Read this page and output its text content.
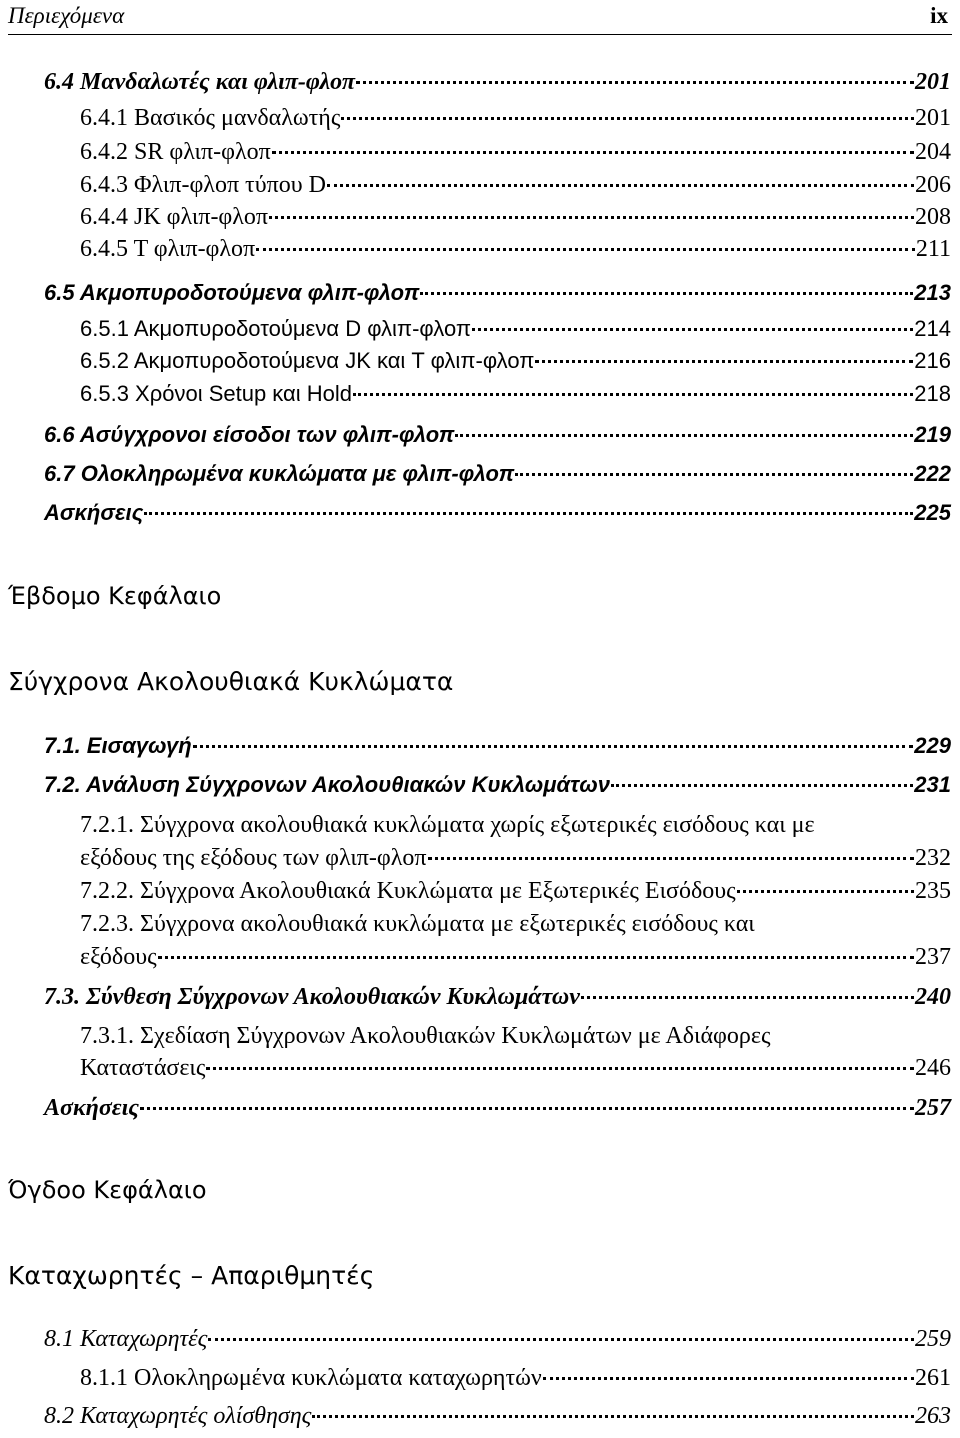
Περιεχόμενα	ix
6.4 Μανδαλωτές και φλιπ-φλοπ	201
6.4.1 Βασικός μανδαλωτής	201
6.4.2 SR φλιπ-φλοπ	204
6.4.3 Φλιπ-φλοπ τύπου D	206
6.4.4 JK φλιπ-φλοπ	208
6.4.5 T φλιπ-φλοπ	211
6.5 Ακμοπυροδοτούμενα φλιπ-φλοπ	213
6.5.1 Ακμοπυροδοτούμενα D φλιπ-φλοπ	214
6.5.2 Ακμοπυροδοτούμενα JK και T φλιπ-φλοπ	216
6.5.3 Χρόνοι Setup και Hold	218
6.6 Ασύγχρονοι είσοδοι των φλιπ-φλοπ	219
6.7 Ολοκληρωμένα κυκλώματα με φλιπ-φλοπ	222
Ασκήσεις	225
Έβδομο Κεφάλαιο
Σύγχρονα Ακολουθιακά Κυκλώματα
7.1. Εισαγωγή	229
7.2. Ανάλυση Σύγχρονων Ακολουθιακών Κυκλωμάτων	231
7.2.1. Σύγχρονα ακολουθιακά κυκλώματα χωρίς εξωτερικές εισόδους και με
εξόδους της εξόδους των φλιπ-φλοπ	232
7.2.2. Σύγχρονα Ακολουθιακά Κυκλώματα με Εξωτερικές Εισόδους	235
7.2.3. Σύγχρονα ακολουθιακά κυκλώματα με εξωτερικές εισόδους και
εξόδους	237
7.3. Σύνθεση Σύγχρονων Ακολουθιακών Κυκλωμάτων	240
7.3.1. Σχεδίαση Σύγχρονων Ακολουθιακών Κυκλωμάτων με Αδιάφορες
Καταστάσεις	246
Ασκήσεις	257
Όγδοο Κεφάλαιο
Καταχωρητές – Απαριθμητές
8.1 Καταχωρητές	259
8.1.1 Ολοκληρωμένα κυκλώματα καταχωρητών	261
8.2 Καταχωρητές ολίσθησης	263
